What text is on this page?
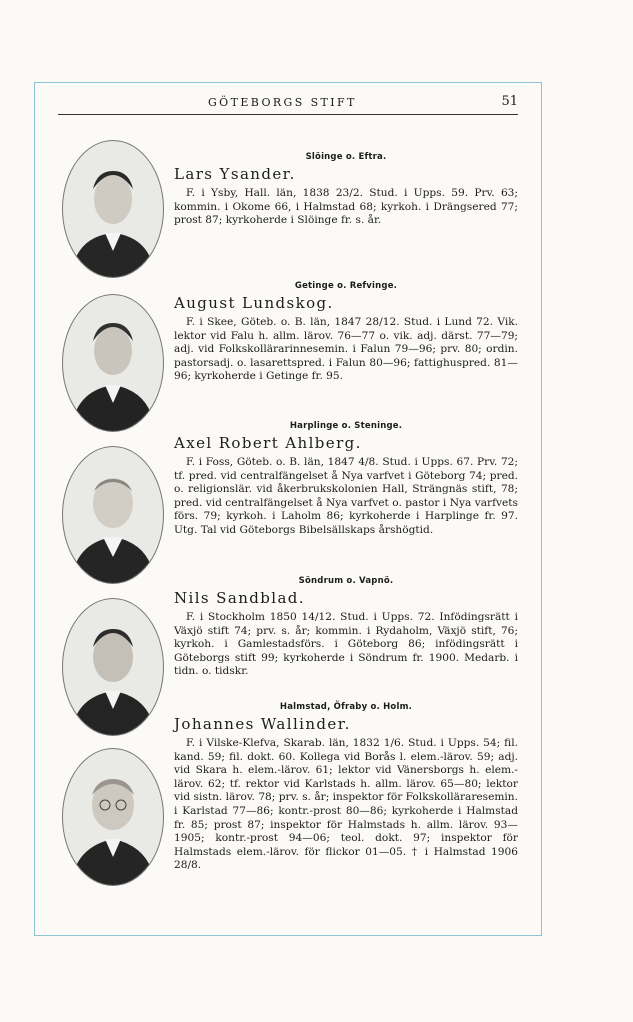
GÖTEBORGS STIFT	51
Slöinge o. Eftra.
Lars Ysander.

F. i Ysby, Hall. län, 1838 23/2. Stud. i Upps. 59. Prv. 63; kommin. i Okome 66, i Halmstad 68; kyrkoh. i Drängsered 77; prost 87; kyrkoherde i Slöinge fr. s. år.

Getinge o. Refvinge.
August Lundskog.

F. i Skee, Göteb. o. B. län, 1847 28/12. Stud. i Lund 72. Vik. lektor vid Falu h. allm. lärov. 76—77 o. vik. adj. därst. 77—79; adj. vid Folkskollärarinnesemin. i Falun 79—96; prv. 80; ordin. pastorsadj. o. lasarettspred. i Falun 80—96; fattighuspred. 81—96; kyrkoherde i Getinge fr. 95.

Harplinge o. Steninge.
Axel Robert Ahlberg.

F. i Foss, Göteb. o. B. län, 1847 4/8. Stud. i Upps. 67. Prv. 72; tf. pred. vid centralfängelset å Nya varfvet i Göteborg 74; pred. o. religionslär. vid åkerbrukskolonien Hall, Strängnäs stift, 78; pred. vid centralfängelset å Nya varfvet o. pastor i Nya varfvets förs. 79; kyrkoh. i Laholm 86; kyrkoherde i Harplinge fr. 97. Utg. Tal vid Göteborgs Bibelsällskaps årshögtid.

Söndrum o. Vapnö.
Nils Sandblad.

F. i Stockholm 1850 14/12. Stud. i Upps. 72. Infödingsrätt i Växjö stift 74; prv. s. år; kommin. i Rydaholm, Växjö stift, 76; kyrkoh. i Gamlestadsförs. i Göteborg 86; infödingsrätt i Göteborgs stift 99; kyrkoherde i Söndrum fr. 1900. Medarb. i tidn. o. tidskr.

Halmstad, Öfraby o. Holm.
Johannes Wallinder.

F. i Vilske-Klefva, Skarab. län, 1832 1/6. Stud. i Upps. 54; fil. kand. 59; fil. dokt. 60. Kollega vid Borås l. elem.-lärov. 59; adj. vid Skara h. elem.-lärov. 61; lektor vid Vänersborgs h. elem.-lärov. 62; tf. rektor vid Karlstads h. allm. lärov. 65—80; lektor vid sistn. lärov. 78; prv. s. år; inspektor för Folkskolläraresemin. i Karlstad 77—86; kontr.-prost 80—86; kyrkoherde i Halmstad fr. 85; prost 87; inspektor för Halmstads h. allm. lärov. 93—1905; kontr.-prost 94—06; teol. dokt. 97; inspektor för Halmstads elem.-lärov. för flickor 01—05. † i Halmstad 1906 28/8.
